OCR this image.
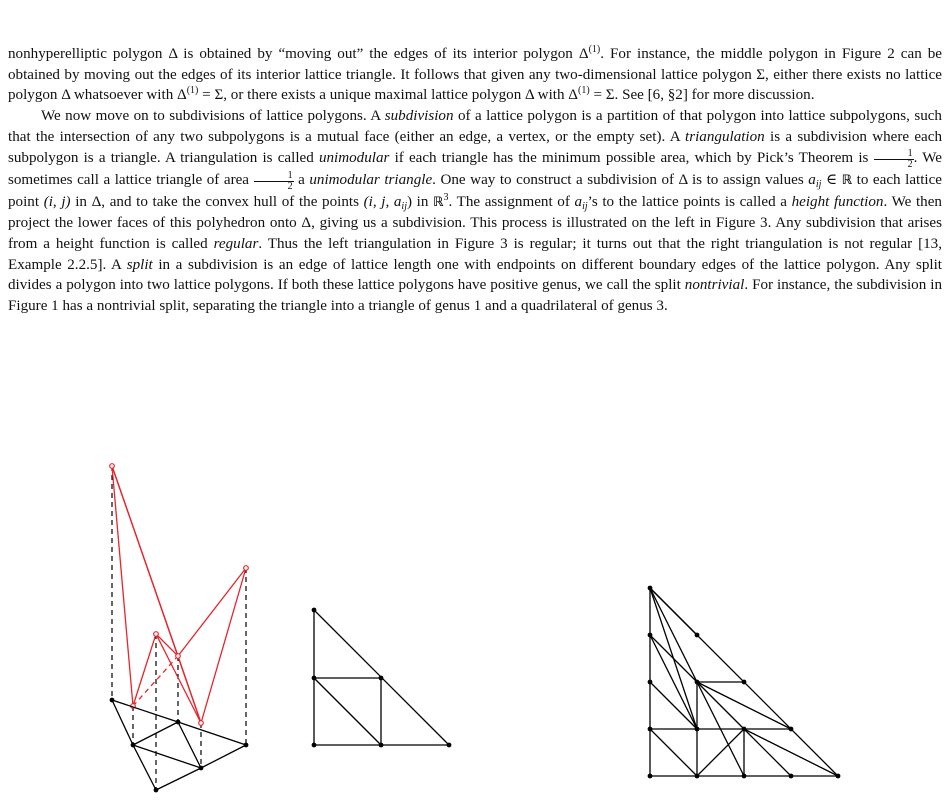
nonhyperelliptic polygon Δ is obtained by “moving out” the edges of its interior polygon $\Delta^{(1)}$. For instance, the middle polygon in Figure 2 can be obtained by moving out the edges of its interior lattice triangle. It follows that given any two-dimensional lattice polygon Σ, either there exists no lattice polygon Δ whatsoever with $\Delta^{(1)} = \Sigma$, or there exists a unique maximal lattice polygon Δ with $\Delta^{(1)} = \Sigma$. See [6, §2] for more discussion.

We now move on to subdivisions of lattice polygons. A subdivision of a lattice polygon is a partition of that polygon into lattice subpolygons, such that the intersection of any two subpolygons is a mutual face (either an edge, a vertex, or the empty set). A triangulation is a subdivision where each subpolygon is a triangle. A triangulation is called unimodular if each triangle has the minimum possible area, which by Pick’s Theorem is $\frac{1}{2}$ . We sometimes call a lattice triangle of area $\frac{1}{2}$ a unimodular triangle. One way to construct a subdivision of Δ is to assign values $a_{ij}$ ∈ ℝ to each lattice point (i, j) in Δ, and to take the convex hull of the points (i, j, $a_{ij}$) in ℝ$^3$. The assignment of $a_{ij}’s$ to the lattice points is called a height function. We then project the lower faces of this polyhedron onto Δ, giving us a subdivision. This process is illustrated on the left in Figure 3. Any subdivision that arises from a height function is called regular. Thus the left triangulation in Figure 3 is regular; it turns out that the right triangulation is not regular [13, Example 2.2.5]. A split in a subdivision is an edge of lattice length one with endpoints on different boundary edges of the lattice polygon. Any split divides a polygon into two lattice polygons. If both these lattice polygons have positive genus, we call the split nontrivial. For instance, the subdivision in Figure 1 has a nontrivial split, separating the triangle into a triangle of genus 1 and a quadrilateral of genus 3.
